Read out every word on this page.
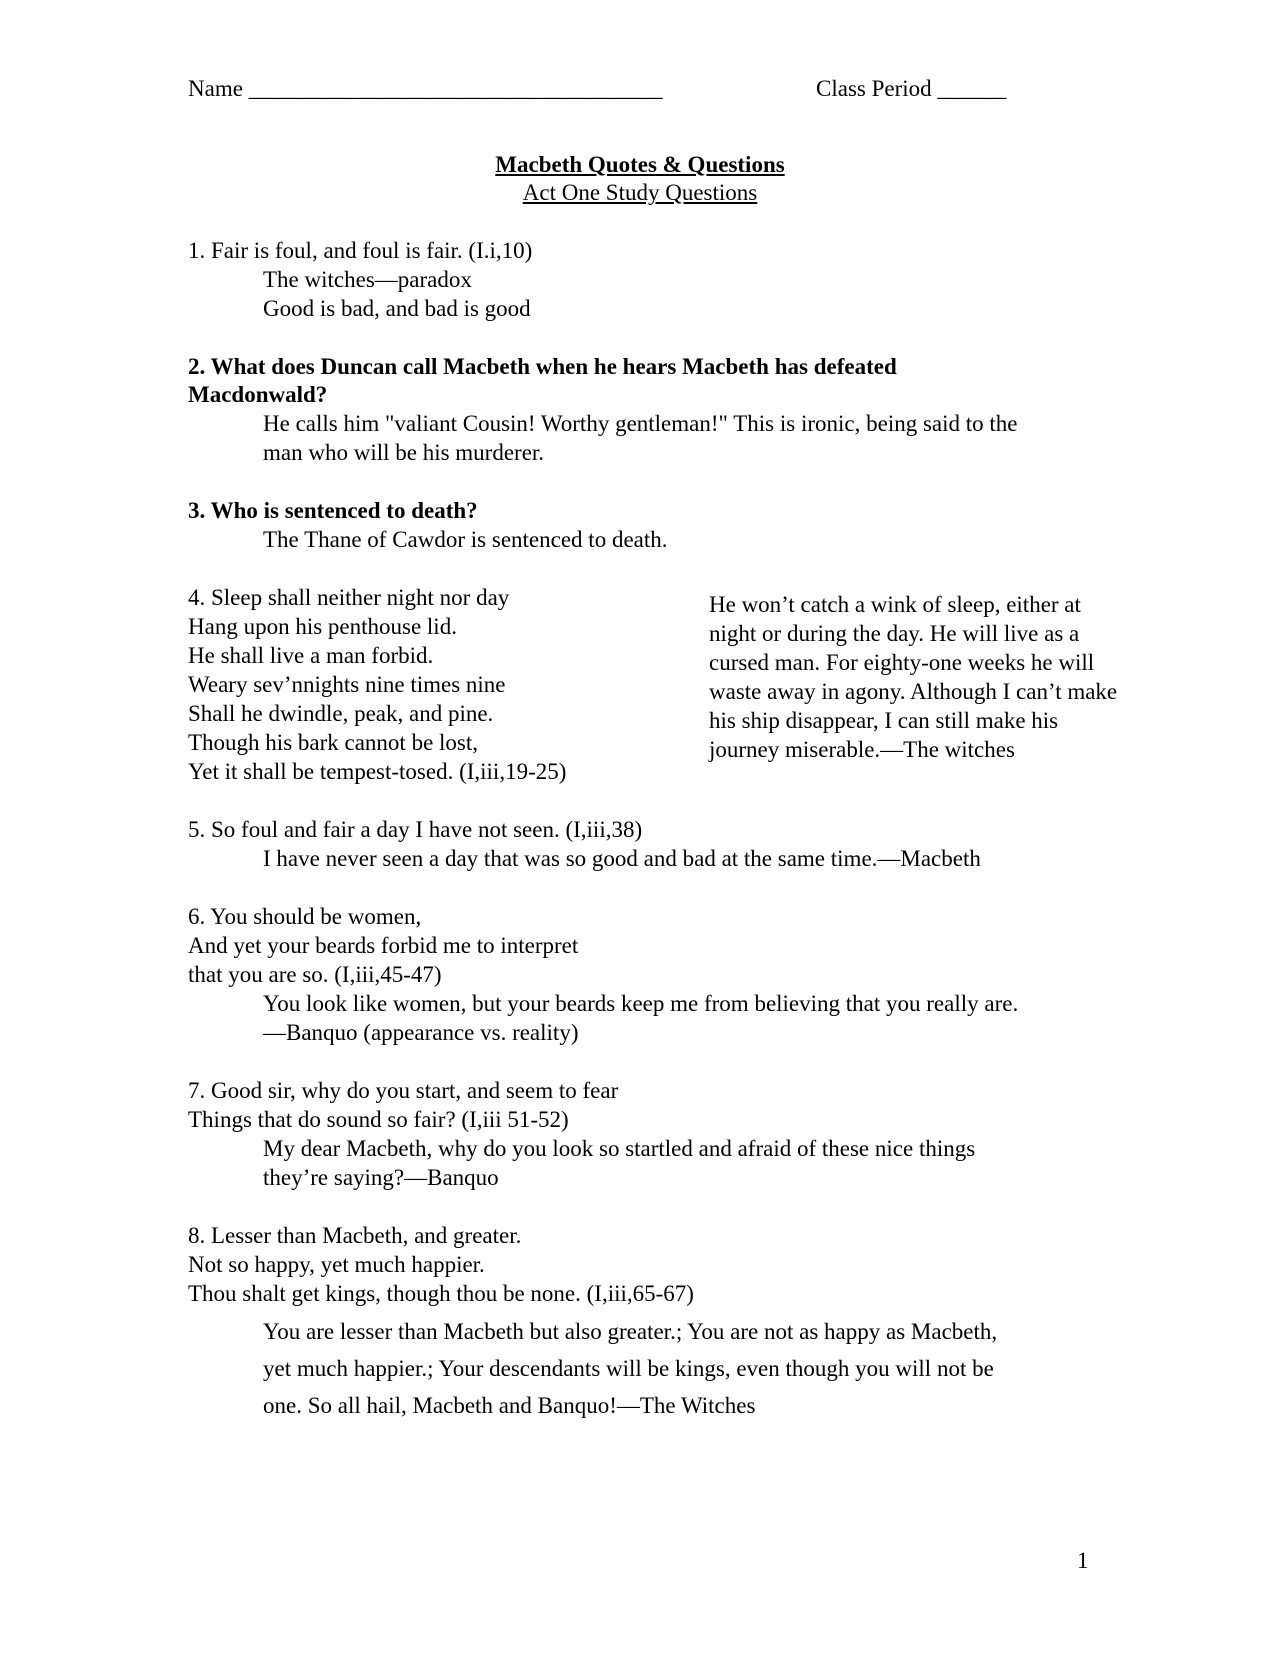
Name ____________________________________	Class Period ______
Macbeth Quotes & Questions
Act One Study Questions
1. Fair is foul, and foul is fair. (I.i,10)
The witches—paradox
Good is bad, and bad is good
2. What does Duncan call Macbeth when he hears Macbeth has defeated
Macdonwald?
He calls him "valiant Cousin! Worthy gentleman!" This is ironic, being said to the
man who will be his murderer.
3. Who is sentenced to death?
The Thane of Cawdor is sentenced to death.
4. Sleep shall neither night nor day
Hang upon his penthouse lid.
He shall live a man forbid.
Weary sev’nnights nine times nine
Shall he dwindle, peak, and pine.
Though his bark cannot be lost,
Yet it shall be tempest-tosed. (I,iii,19-25)
He won’t catch a wink of sleep, either at
night or during the day. He will live as a
cursed man. For eighty-one weeks he will
waste away in agony. Although I can’t make
his ship disappear, I can still make his
journey miserable.—The witches
5. So foul and fair a day I have not seen. (I,iii,38)
I have never seen a day that was so good and bad at the same time.—Macbeth
6. You should be women,
And yet your beards forbid me to interpret
that you are so. (I,iii,45-47)
You look like women, but your beards keep me from believing that you really are.
—Banquo (appearance vs. reality)
7. Good sir, why do you start, and seem to fear
Things that do sound so fair? (I,iii 51-52)
My dear Macbeth, why do you look so startled and afraid of these nice things
they’re saying?—Banquo
8. Lesser than Macbeth, and greater.
Not so happy, yet much happier.
Thou shalt get kings, though thou be none. (I,iii,65-67)
You are lesser than Macbeth but also greater.; You are not as happy as Macbeth,
yet much happier.; Your descendants will be kings, even though you will not be
one. So all hail, Macbeth and Banquo!—The Witches
1
